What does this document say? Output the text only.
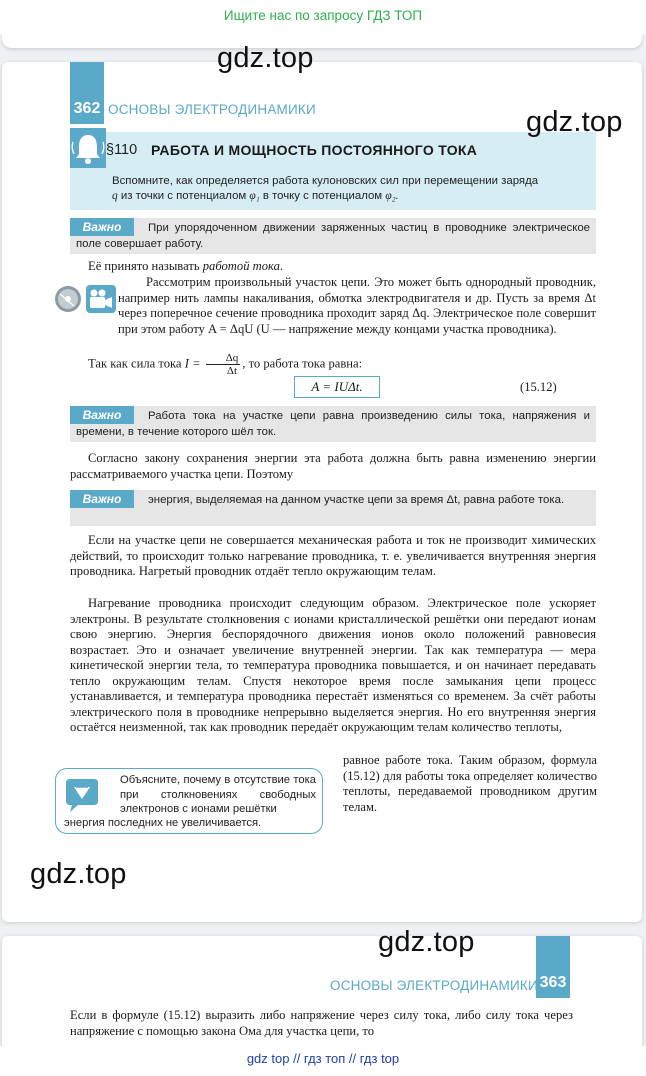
Ищите нас по запросу ГДЗ ТОП
362 ОСНОВЫ ЭЛЕКТРОДИНАМИКИ
§110 РАБОТА И МОЩНОСТЬ ПОСТОЯННОГО ТОКА
Вспомните, как определяется работа кулоновских сил при перемещении заряда
q из точки с потенциалом φ₁ в точку с потенциалом φ₂.
При упорядоченном движении заряженных частиц в проводнике электрическое поле совершает работу.
Важно
Её принято называть работой тока.
Рассмотрим произвольный участок цепи. Это может быть однородный проводник, например нить лампы накаливания, обмотка электродвигателя и др. Пусть за время Δt через поперечное сечение проводника проходит заряд Δq. Электрическое поле совершит при этом работу A = ΔqU (U — напряжение между концами участка проводника).
Так как сила тока $I = \frac{\Delta q}{\Delta t}$ , то работа тока равна:
A = IUΔt.	(15.12)
Работа тока на участке цепи равна произведению силы тока, напряжения и времени, в течение которого шёл ток.
Важно
Согласно закону сохранения энергии эта работа должна быть равна изменению энергии рассматриваемого участка цепи. Поэтому
энергия, выделяемая на данном участке цепи за время Δt, равна работе тока.
Важно
Если на участке цепи не совершается механическая работа и ток не производит химических действий, то происходит только нагревание проводника, т. е. увеличивается внутренняя энергия проводника. Нагретый проводник отдаёт тепло окружающим телам.
Нагревание проводника происходит следующим образом. Электрическое поле ускоряет электроны. В результате столкновения с ионами кристаллической решётки они передают ионам свою энергию. Энергия беспорядочного движения ионов около положений равновесия возрастает. Это и означает увеличение внутренней энергии. Так как температура — мера кинетической энергии тела, то температура проводника повышается, и он начинает передавать тепло окружающим телам. Спустя некоторое время после замыкания цепи процесс устанавливается, и температура проводника перестаёт изменяться со временем. За счёт работы электрического поля в проводнике непрерывно выделяется энергия. Но его внутренняя энергия остаётся неизменной, так как проводник передаёт окружающим телам количество теплоты,
равное работе тока. Таким образом, формула (15.12) для работы тока определяет количество теплоты, передаваемой проводником другим телам.
Объясните, почему в отсутствие тока при столкновениях свободных электронов с ионами решётки
энергия последних не увеличивается.
363
ОСНОВЫ ЭЛЕКТРОДИНАМИКИ
Если в формуле (15.12) выразить либо напряжение через силу тока, либо силу тока через напряжение с помощью закона Ома для участка цепи, то
gdz.top
gdz.top
gdz.top
gdz.top
gdz top // гдз топ // гдз top
